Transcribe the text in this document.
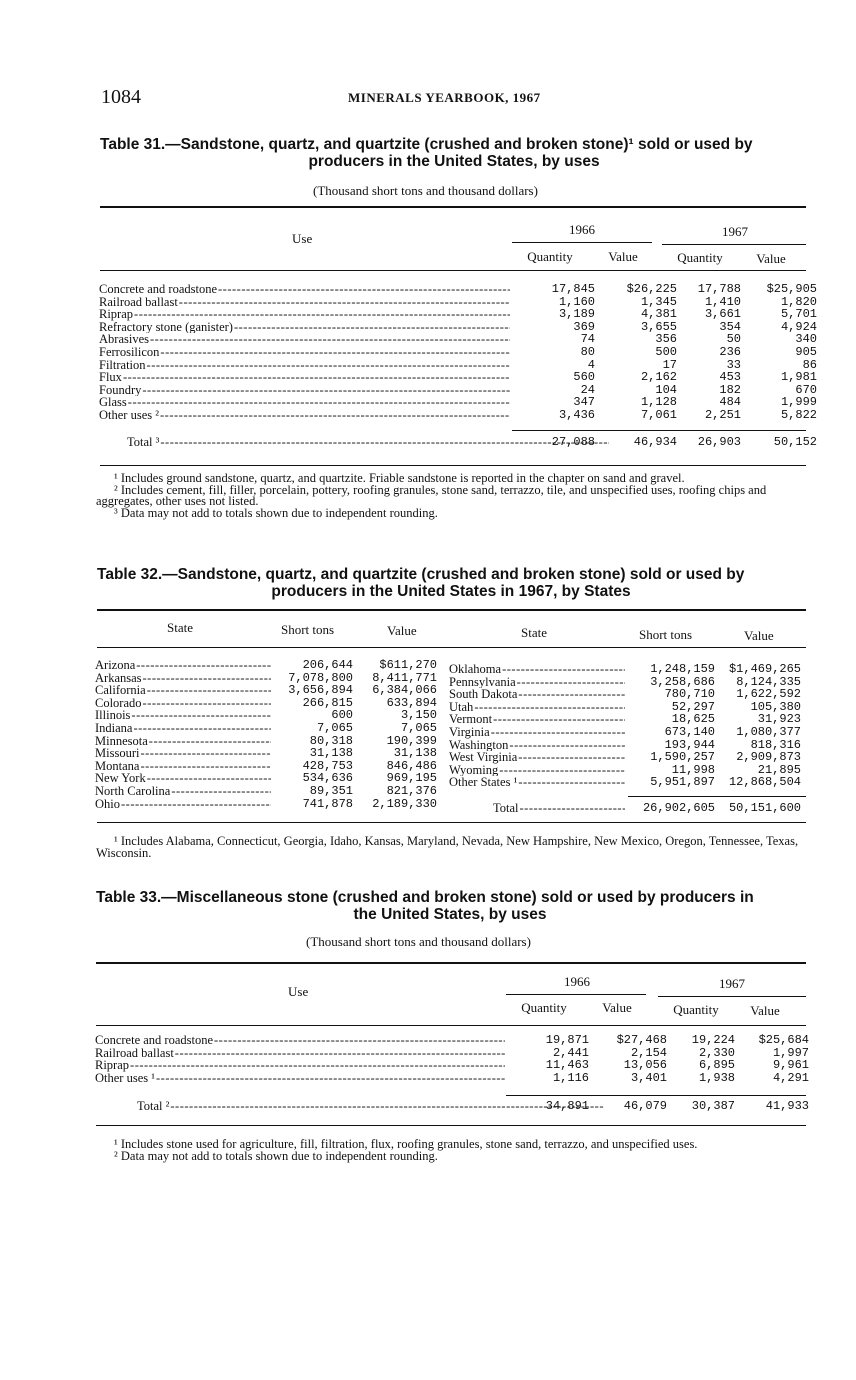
1084	MINERALS YEARBOOK, 1967
Table 31.—Sandstone, quartz, and quartzite (crushed and broken stone)¹ sold or used by
producers in the United States, by uses
(Thousand short tons and thousand dollars)
Use
1966	1967
Quantity	Value	Quantity	Value
Concrete and roadstone -----	17,845	$26,225	17,788	$25,905
Railroad ballast -----	1,160	1,345	1,410	1,820
Riprap -----	3,189	4,381	3,661	5,701
Refractory stone (ganister) -----	369	3,655	354	4,924
Abrasives -----	74	356	50	340
Ferrosilicon -----	80	500	236	905
Filtration -----	4	17	33	86
Flux -----	560	2,162	453	1,981
Foundry -----	24	104	182	670
Glass -----	347	1,128	484	1,999
Other uses ² -----	3,436	7,061	2,251	5,822
Total ³ -----	27,088	46,934	26,903	50,152

¹ Includes ground sandstone, quartz, and quartzite. Friable sandstone is reported in the chapter on sand and gravel.

² Includes cement, fill, filler, porcelain, pottery, roofing granules, stone sand, terrazzo, tile, and unspecified uses, roofing chips and aggregates, other uses not listed.

³ Data may not add to totals shown due to independent rounding.

Table 32.—Sandstone, quartz, and quartzite (crushed and broken stone) sold or used by
producers in the United States in 1967, by States
State	Short tons	Value	State	Short tons	Value
Arizona -----	206,644	$611,270
Arkansas -----	7,078,800	8,411,771
California -----	3,656,894	6,384,066
Colorado -----	266,815	633,894
Illinois -----	600	3,150
Indiana -----	7,065	7,065
Minnesota -----	80,318	190,399
Missouri -----	31,138	31,138
Montana -----	428,753	846,486
New York -----	534,636	969,195
North Carolina -----	89,351	821,376
Ohio -----	741,878	2,189,330
Oklahoma -----	1,248,159	$1,469,265
Pennsylvania -----	3,258,686	8,124,335
South Dakota -----	780,710	1,622,592
Utah -----	52,297	105,380
Vermont -----	18,625	31,923
Virginia -----	673,140	1,080,377
Washington -----	193,944	818,316
West Virginia -----	1,590,257	2,909,873
Wyoming -----	11,998	21,895
Other States ¹ -----	5,951,897	12,868,504
Total -----	26,902,605	50,151,600

¹ Includes Alabama, Connecticut, Georgia, Idaho, Kansas, Maryland, Nevada, New Hampshire, New Mexico, Oregon, Tennessee, Texas, Wisconsin.

Table 33.—Miscellaneous stone (crushed and broken stone) sold or used by producers in
the United States, by uses
(Thousand short tons and thousand dollars)
Use
1966	1967
Quantity	Value	Quantity	Value
Concrete and roadstone -----	19,871	$27,468	19,224	$25,684
Railroad ballast -----	2,441	2,154	2,330	1,997
Riprap -----	11,463	13,056	6,895	9,961
Other uses ¹ -----	1,116	3,401	1,938	4,291
Total ² -----	34,891	46,079	30,387	41,933

¹ Includes stone used for agriculture, fill, filtration, flux, roofing granules, stone sand, terrazzo, and unspecified uses.

² Data may not add to totals shown due to independent rounding.
